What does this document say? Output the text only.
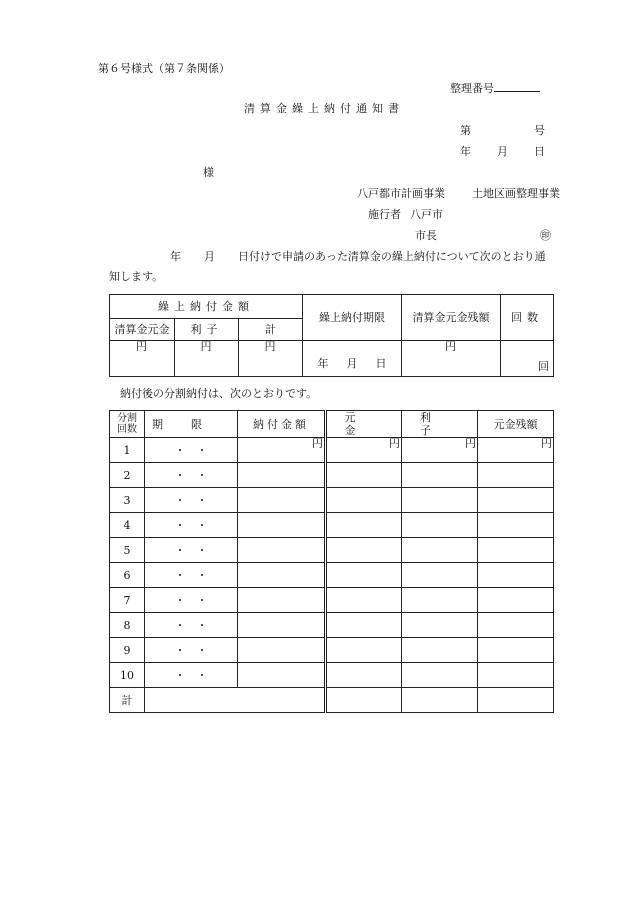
第６号様式（第７条関係）
整理番号
清算金繰上納付通知書
第	号
年 月 日
様
八戸都市計画事業 土地区画整理事業
施行者 八戸市
市長	㊞
年 月 日付けで申請のあった清算金の繰上納付について次のとおり通
知します。
繰上納付金額			繰上納付期限	清算金元金残額	回数
清算金元金	利子	計			
円	円	円	年 月 日	円	回
納付後の分割納付は、次のとおりです。
分割回数	期限	納付金額	元金	利子	元金残額
1	・　・	円	円	円	円
2	・　・				
3	・　・				
4	・　・				
5	・　・				
6	・　・				
7	・　・				
8	・　・				
9	・　・				
10	・　・				
計					
